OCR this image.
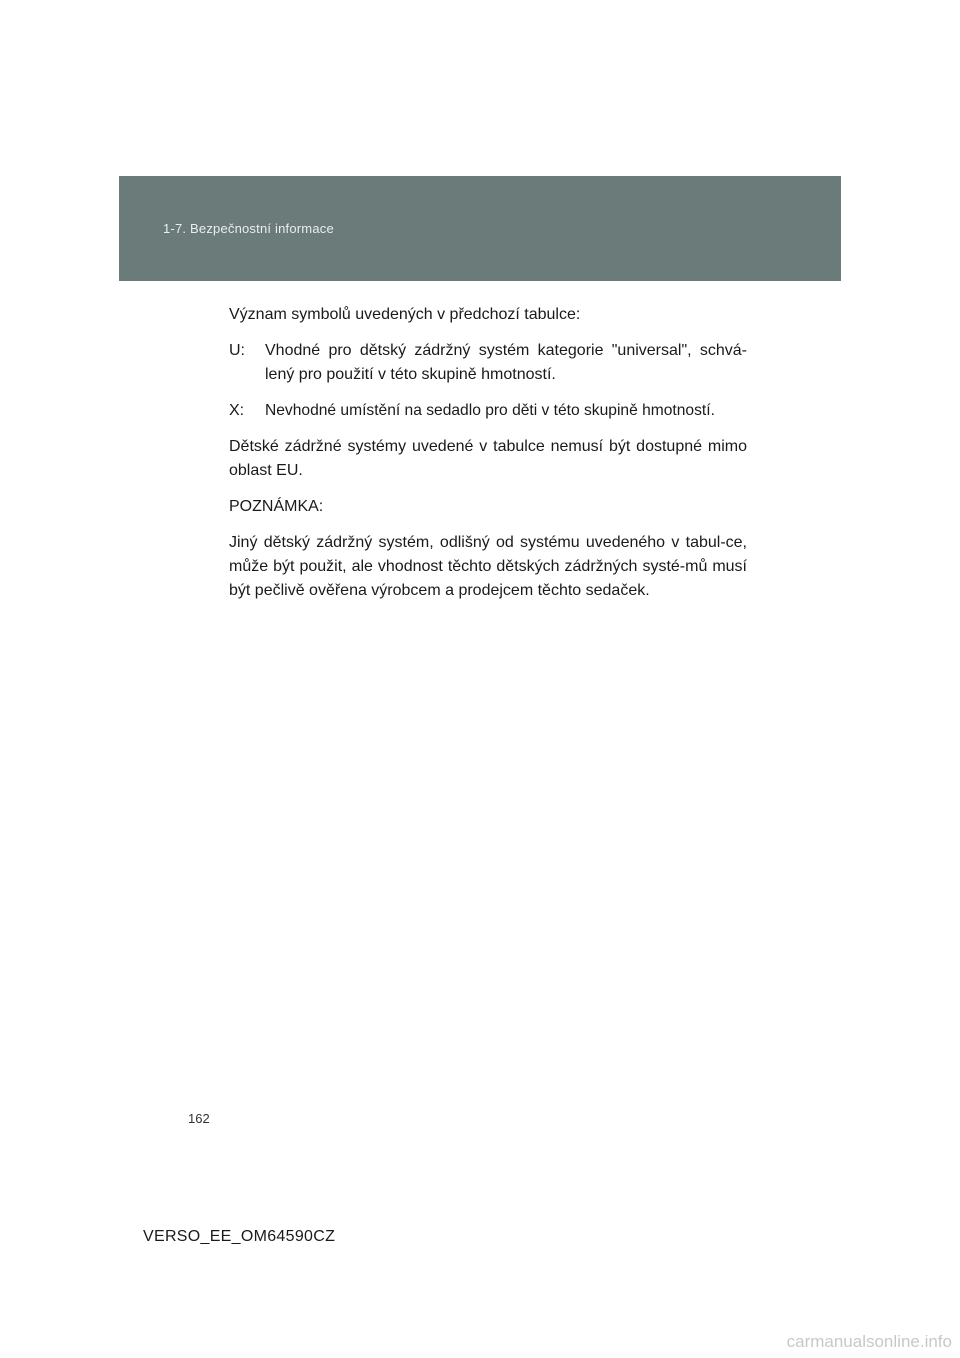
1-7. Bezpečnostní informace

Význam symbolů uvedených v předchozí tabulce:

U:	Vhodné pro dětský zádržný systém kategorie "universal", schvá-lený pro použití v této skupině hmotností.
X:	Nevhodné umístění na sedadlo pro děti v této skupině hmotností.

Dětské zádržné systémy uvedené v tabulce nemusí být dostupné mimo oblast EU.

POZNÁMKA:

Jiný dětský zádržný systém, odlišný od systému uvedeného v tabul-ce, může být použit, ale vhodnost těchto dětských zádržných systé-mů musí být pečlivě ověřena výrobcem a prodejcem těchto sedaček.

162
VERSO_EE_OM64590CZ
carmanualsonline.info
